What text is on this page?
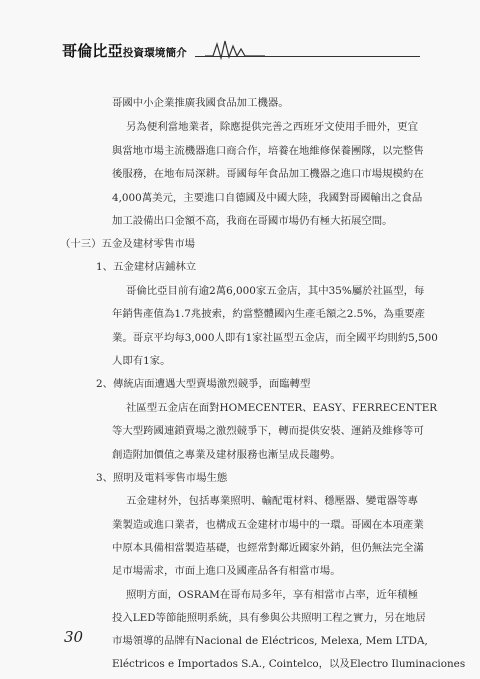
哥倫比亞投資環境簡介
哥國中小企業推廣我國食品加工機器。
另為便利當地業者，除應提供完善之西班牙文使用手冊外，更宜
與當地市場主流機器進口商合作，培養在地維修保養團隊，以完整售
後服務，在地布局深耕。哥國每年食品加工機器之進口市場規模約在
4,000萬美元，主要進口自德國及中國大陸，我國對哥國輸出之食品
加工設備出口金額不高，我商在哥國市場仍有極大拓展空間。
（十三）五金及建材零售市場
1、五金建材店鋪林立
哥倫比亞目前有逾2萬6,000家五金店，其中35%屬於社區型，每
年銷售產值為1.7兆披索，約當整體國內生產毛額之2.5%，為重要產
業。哥京平均每3,000人即有1家社區型五金店，而全國平均則約5,500
人即有1家。
2、傳統店面遭遇大型賣場激烈競爭，面臨轉型
社區型五金店在面對HOMECENTER、EASY、FERRECENTER
等大型跨國連鎖賣場之激烈競爭下，轉而提供安裝、運銷及維修等可
創造附加價值之專業及建材服務也漸呈成長趨勢。
3、照明及電料零售市場生態
五金建材外，包括專業照明、輸配電材料、穩壓器、變電器等專
業製造或進口業者，也構成五金建材市場中的一環。哥國在本項產業
中原本具備相當製造基礎，也經常對鄰近國家外銷，但仍無法完全滿
足市場需求，市面上進口及國產品各有相當市場。
照明方面，OSRAM在哥布局多年，享有相當市占率，近年積極
投入LED等節能照明系統，具有參與公共照明工程之實力，另在地居
市場領導的品牌有Nacional de Eléctricos, Melexa, Mem LTDA,
Eléctricos e Importados S.A., Cointelco，以及Electro Iluminaciones
30
